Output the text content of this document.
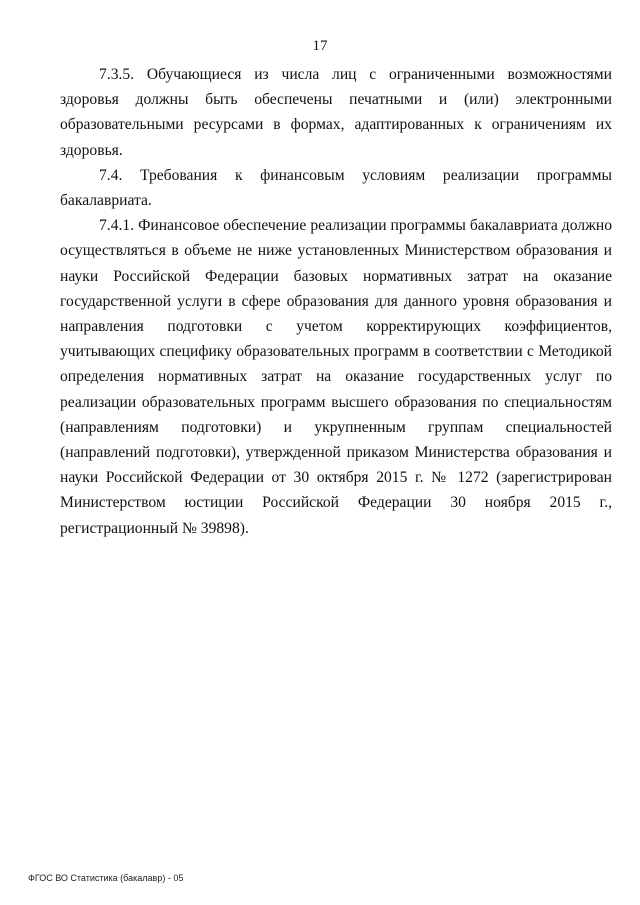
17

7.3.5. Обучающиеся из числа лиц с ограниченными возможностями здоровья должны быть обеспечены печатными и (или) электронными образовательными ресурсами в формах, адаптированных к ограничениям их здоровья.

7.4. Требования к финансовым условиям реализации программы бакалавриата.

7.4.1. Финансовое обеспечение реализации программы бакалавриата должно осуществляться в объеме не ниже установленных Министерством образования и науки Российской Федерации базовых нормативных затрат на оказание государственной услуги в сфере образования для данного уровня образования и направления подготовки с учетом корректирующих коэффициентов, учитывающих специфику образовательных программ в соответствии с Методикой определения нормативных затрат на оказание государственных услуг по реализации образовательных программ высшего образования по специальностям (направлениям подготовки) и укрупненным группам специальностей (направлений подготовки), утвержденной приказом Министерства образования и науки Российской Федерации от 30 октября 2015 г. № 1272 (зарегистрирован Министерством юстиции Российской Федерации 30 ноября 2015 г., регистрационный № 39898).

ФГОС ВО Статистика (бакалавр) - 05
